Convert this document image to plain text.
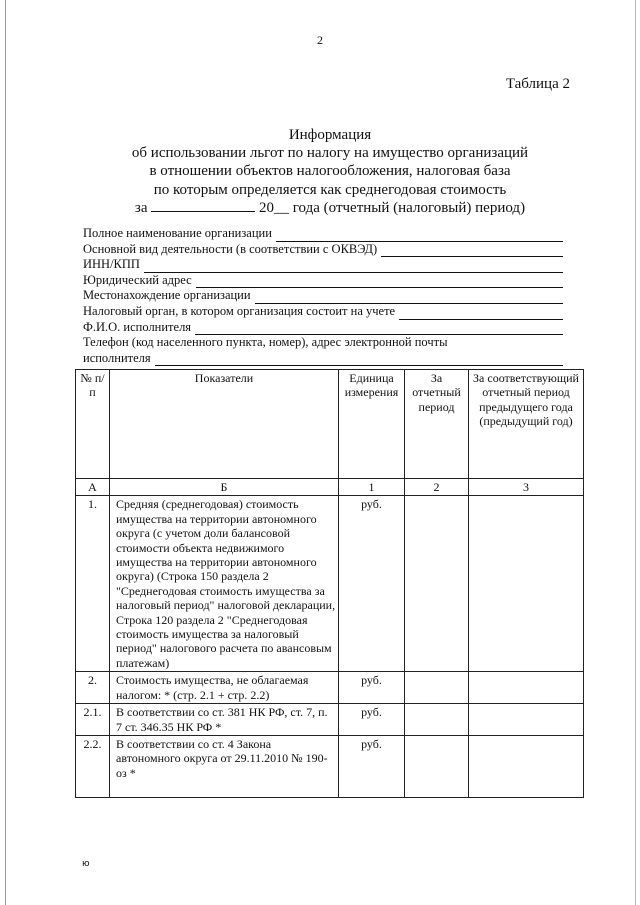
2
Таблица 2
Информация
об использовании льгот по налогу на имущество организаций
в отношении объектов налогообложения, налоговая база
по которым определяется как среднегодовая стоимость
за	20__ года (отчетный (налоговый) период)
Полное наименование организации
Основной вид деятельности (в соответствии с ОКВЭД)
ИНН/КПП
Юридический адрес
Местонахождение организации
Налоговый орган, в котором организация состоит на учете
Ф.И.О. исполнителя
Телефон (код населенного пункта, номер), адрес электронной почты
исполнителя
№ п/п	Показатели	Единица измерения	За отчетный период	За соответствующий отчетный период предыдущего года (предыдущий год)
А	Б	1	2	3
1.	Средняя (среднегодовая) стоимость имущества на территории автономного округа (с учетом доли балансовой стоимости объекта недвижимого имущества на территории автономного округа) (Строка 150 раздела 2 "Среднегодовая стоимость имущества за налоговый период" налоговой декларации, Строка 120 раздела 2 "Среднегодовая стоимость имущества за налоговый период" налогового расчета по авансовым платежам)	руб.		
2.	Стоимость имущества, не облагаемая налогом: * (стр. 2.1 + стр. 2.2)	руб.		
2.1.	В соответствии со ст. 381 НК РФ, ст. 7, п. 7 ст. 346.35 НК РФ *	руб.		
2.2.	В соответствии со ст. 4 Закона автономного округа от 29.11.2010 № 190-оз *	руб.		
ю
